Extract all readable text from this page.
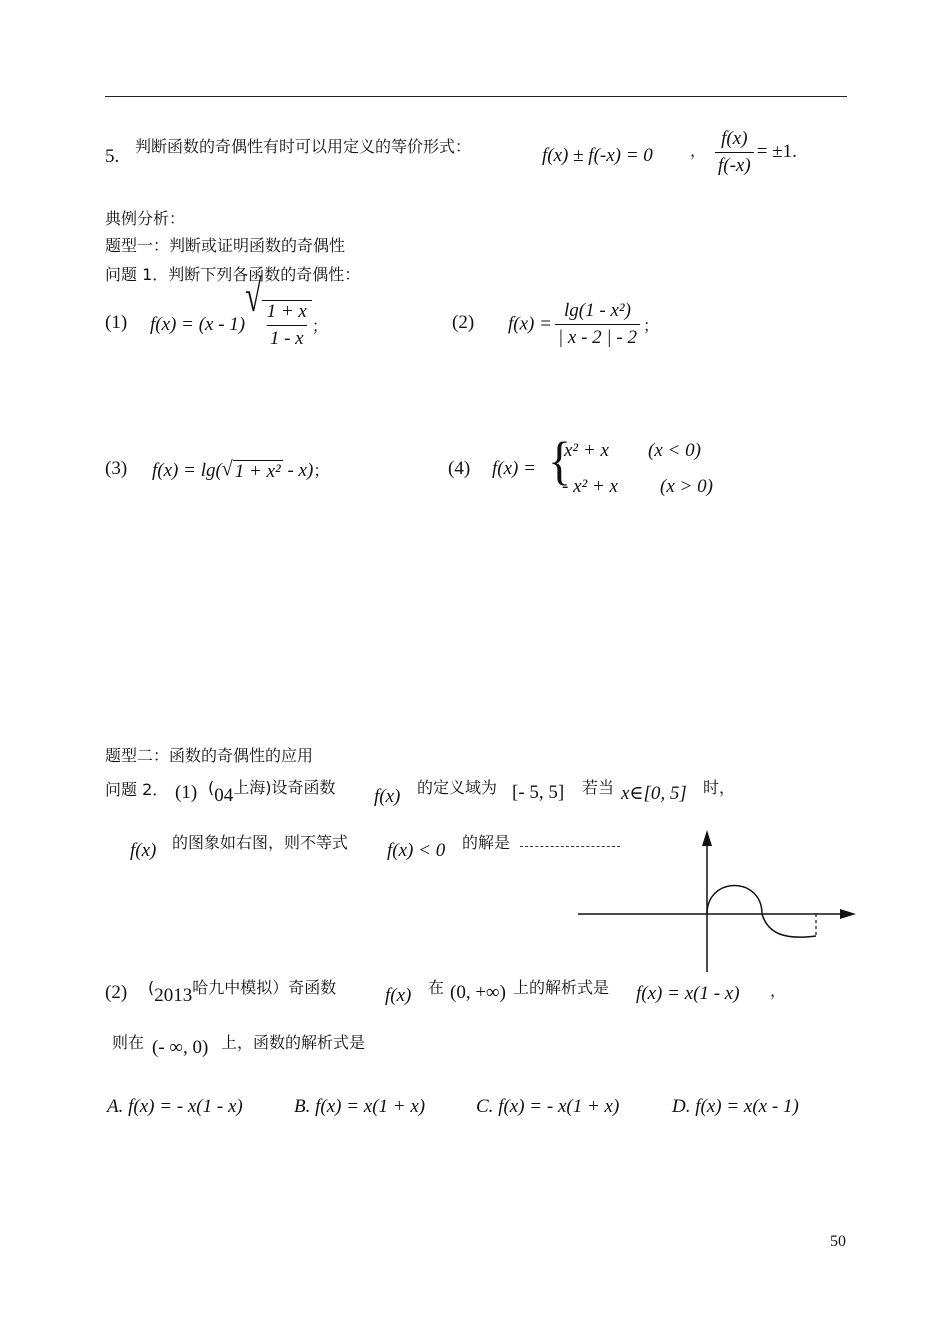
5. 判断函数的奇偶性有时可以用定义的等价形式：	f(x) ± f(-x) = 0 ， $\frac{f(x)}{f(-x)} = \pm 1$.
典例分析：
题型一：判断或证明函数的奇偶性
问题 1．判断下列各函数的奇偶性：
(1) f(x) = (x - 1)
√
$\frac{1 + x}{1 - x}$ ；	(2) $f(x) = \frac{\text{lg(1 - x²)}}{| x - 2 | - 2}$ ；
(3) f(x) = lg( √ 1 + x² - x)；	(4) f(x) = {
x² + x (x < 0)
- x² + x (x > 0)
题型二：函数的奇偶性的应用
问题 2． (1) (04上海)设奇函数 f(x) 的定义域为 [- 5, 5] 若当 x∈[0, 5] 时，
f(x) 的图象如右图，则不等式 f(x) < 0 的解是
(2) (2013哈九中模拟）奇函数	f(x) 在 (0, +∞) 上的解析式是 f(x) = x(1 - x) ，
则在 (- ∞, 0) 上，函数的解析式是
A. f(x) = - x(1 - x)	B. f(x) = x(1 + x)	C. f(x) = - x(1 + x)	D. f(x) = x(x - 1)
50
